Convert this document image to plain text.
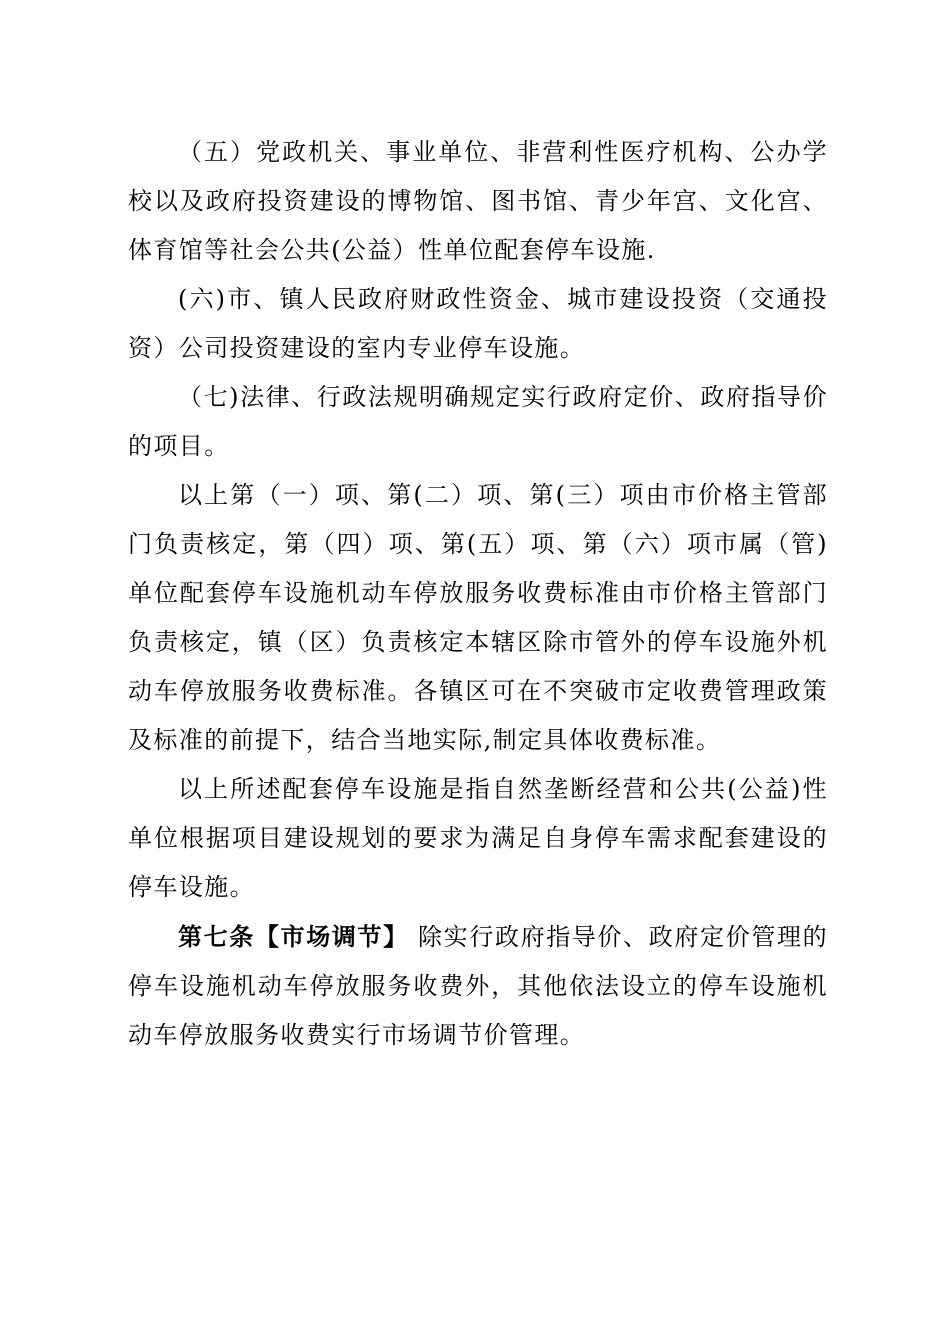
（五）党政机关、事业单位、非营利性医疗机构、公办学校以及政府投资建设的博物馆、图书馆、青少年宫、文化宫、体育馆等社会公共(公益）性单位配套停车设施.

(六)市、镇人民政府财政性资金、城市建设投资（交通投资）公司投资建设的室内专业停车设施。

（七)法律、行政法规明确规定实行政府定价、政府指导价的项目。

以上第（一）项、第(二）项、第(三）项由市价格主管部门负责核定，第（四）项、第(五）项、第（六）项市属（管)单位配套停车设施机动车停放服务收费标准由市价格主管部门负责核定，镇（区）负责核定本辖区除市管外的停车设施外机动车停放服务收费标准。各镇区可在不突破市定收费管理政策及标准的前提下，结合当地实际,制定具体收费标准。

以上所述配套停车设施是指自然垄断经营和公共(公益)性单位根据项目建设规划的要求为满足自身停车需求配套建设的停车设施。

第七条【市场调节】 除实行政府指导价、政府定价管理的停车设施机动车停放服务收费外，其他依法设立的停车设施机动车停放服务收费实行市场调节价管理。
